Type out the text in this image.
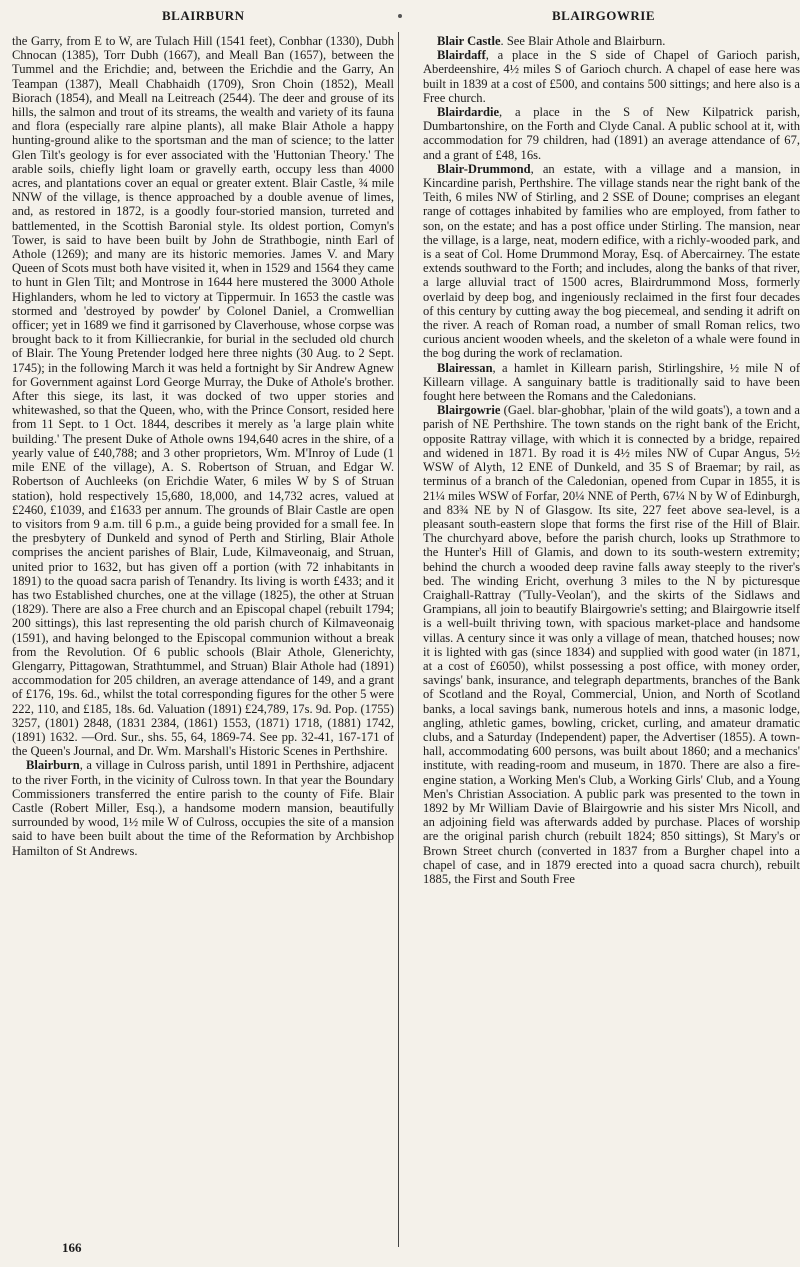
BLAIRBURN	BLAIRGOWRIE

the Garry, from E to W, are Tulach Hill (1541 feet), Conbhar (1330), Dubh Chnocan (1385), Torr Dubh (1667), and Meall Ban (1657), between the Tummel and the Erichdie; and, between the Erichdie and the Garry, An Teampan (1387), Meall Chabhaidh (1709), Sron Choin (1852), Meall Biorach (1854), and Meall na Leitreach (2544). The deer and grouse of its hills, the salmon and trout of its streams, the wealth and variety of its fauna and flora (especially rare alpine plants), all make Blair Athole a happy hunting-ground alike to the sportsman and the man of science; to the latter Glen Tilt's geology is for ever associated with the 'Huttonian Theory.' The arable soils, chiefly light loam or gravelly earth, occupy less than 4000 acres, and plantations cover an equal or greater extent. Blair Castle, ¾ mile NNW of the village, is thence approached by a double avenue of limes, and, as restored in 1872, is a goodly four-storied mansion, turreted and battlemented, in the Scottish Baronial style. Its oldest portion, Comyn's Tower, is said to have been built by John de Strathbogie, ninth Earl of Athole (1269); and many are its historic memories. James V. and Mary Queen of Scots must both have visited it, when in 1529 and 1564 they came to hunt in Glen Tilt; and Montrose in 1644 here mustered the 3000 Athole Highlanders, whom he led to victory at Tippermuir. In 1653 the castle was stormed and 'destroyed by powder' by Colonel Daniel, a Cromwellian officer; yet in 1689 we find it garrisoned by Claverhouse, whose corpse was brought back to it from Killiecrankie, for burial in the secluded old church of Blair. The Young Pretender lodged here three nights (30 Aug. to 2 Sept. 1745); in the following March it was held a fortnight by Sir Andrew Agnew for Government against Lord George Murray, the Duke of Athole's brother. After this siege, its last, it was docked of two upper stories and whitewashed, so that the Queen, who, with the Prince Consort, resided here from 11 Sept. to 1 Oct. 1844, describes it merely as 'a large plain white building.' The present Duke of Athole owns 194,640 acres in the shire, of a yearly value of £40,788; and 3 other proprietors, Wm. M'Inroy of Lude (1 mile ENE of the village), A. S. Robertson of Struan, and Edgar W. Robertson of Auchleeks (on Erichdie Water, 6 miles W by S of Struan station), hold respectively 15,680, 18,000, and 14,732 acres, valued at £2460, £1039, and £1633 per annum. The grounds of Blair Castle are open to visitors from 9 a.m. till 6 p.m., a guide being provided for a small fee. In the presbytery of Dunkeld and synod of Perth and Stirling, Blair Athole comprises the ancient parishes of Blair, Lude, Kilmaveonaig, and Struan, united prior to 1632, but has given off a portion (with 72 inhabitants in 1891) to the quoad sacra parish of Tenandry. Its living is worth £433; and it has two Established churches, one at the village (1825), the other at Struan (1829). There are also a Free church and an Episcopal chapel (rebuilt 1794; 200 sittings), this last representing the old parish church of Kilmaveonaig (1591), and having belonged to the Episcopal communion without a break from the Revolution. Of 6 public schools (Blair Athole, Glenerichty, Glengarry, Pittagowan, Strathtummel, and Struan) Blair Athole had (1891) accommodation for 205 children, an average attendance of 149, and a grant of £176, 19s. 6d., whilst the total corresponding figures for the other 5 were 222, 110, and £185, 18s. 6d. Valuation (1891) £24,789, 17s. 9d. Pop. (1755) 3257, (1801) 2848, (1831 2384, (1861) 1553, (1871) 1718, (1881) 1742, (1891) 1632. —Ord. Sur., shs. 55, 64, 1869-74. See pp. 32-41, 167-171 of the Queen's Journal, and Dr. Wm. Marshall's Historic Scenes in Perthshire.

Blairburn, a village in Culross parish, until 1891 in Perthshire, adjacent to the river Forth, in the vicinity of Culross town. In that year the Boundary Commissioners transferred the entire parish to the county of Fife. Blair Castle (Robert Miller, Esq.), a handsome modern mansion, beautifully surrounded by wood, 1½ mile W of Culross, occupies the site of a mansion said to have been built about the time of the Reformation by Archbishop Hamilton of St Andrews.

Blair Castle. See Blair Athole and Blairburn.

Blairdaff, a place in the S side of Chapel of Garioch parish, Aberdeenshire, 4½ miles S of Garioch church. A chapel of ease here was built in 1839 at a cost of £500, and contains 500 sittings; and here also is a Free church.

Blairdardie, a place in the S of New Kilpatrick parish, Dumbartonshire, on the Forth and Clyde Canal. A public school at it, with accommodation for 79 children, had (1891) an average attendance of 67, and a grant of £48, 16s.

Blair-Drummond, an estate, with a village and a mansion, in Kincardine parish, Perthshire. The village stands near the right bank of the Teith, 6 miles NW of Stirling, and 2 SSE of Doune; comprises an elegant range of cottages inhabited by families who are employed, from father to son, on the estate; and has a post office under Stirling. The mansion, near the village, is a large, neat, modern edifice, with a richly-wooded park, and is a seat of Col. Home Drummond Moray, Esq. of Abercairney. The estate extends southward to the Forth; and includes, along the banks of that river, a large alluvial tract of 1500 acres, Blairdrummond Moss, formerly overlaid by deep bog, and ingeniously reclaimed in the first four decades of this century by cutting away the bog piecemeal, and sending it adrift on the river. A reach of Roman road, a number of small Roman relics, two curious ancient wooden wheels, and the skeleton of a whale were found in the bog during the work of reclamation.

Blairessan, a hamlet in Killearn parish, Stirlingshire, ½ mile N of Killearn village. A sanguinary battle is traditionally said to have been fought here between the Romans and the Caledonians.

Blairgowrie (Gael. blar-ghobhar, 'plain of the wild goats'), a town and a parish of NE Perthshire. The town stands on the right bank of the Ericht, opposite Rattray village, with which it is connected by a bridge, repaired and widened in 1871. By road it is 4½ miles NW of Cupar Angus, 5½ WSW of Alyth, 12 ENE of Dunkeld, and 35 S of Braemar; by rail, as terminus of a branch of the Caledonian, opened from Cupar in 1855, it is 21¼ miles WSW of Forfar, 20¼ NNE of Perth, 67¼ N by W of Edinburgh, and 83¾ NE by N of Glasgow. Its site, 227 feet above sea-level, is a pleasant south-eastern slope that forms the first rise of the Hill of Blair. The churchyard above, before the parish church, looks up Strathmore to the Hunter's Hill of Glamis, and down to its south-western extremity; behind the church a wooded deep ravine falls away steeply to the river's bed. The winding Ericht, overhung 3 miles to the N by picturesque Craighall-Rattray ('Tully-Veolan'), and the skirts of the Sidlaws and Grampians, all join to beautify Blairgowrie's setting; and Blairgowrie itself is a well-built thriving town, with spacious market-place and handsome villas. A century since it was only a village of mean, thatched houses; now it is lighted with gas (since 1834) and supplied with good water (in 1871, at a cost of £6050), whilst possessing a post office, with money order, savings' bank, insurance, and telegraph departments, branches of the Bank of Scotland and the Royal, Commercial, Union, and North of Scotland banks, a local savings bank, numerous hotels and inns, a masonic lodge, angling, athletic games, bowling, cricket, curling, and amateur dramatic clubs, and a Saturday (Independent) paper, the Advertiser (1855). A town-hall, accommodating 600 persons, was built about 1860; and a mechanics' institute, with reading-room and museum, in 1870. There are also a fire-engine station, a Working Men's Club, a Working Girls' Club, and a Young Men's Christian Association. A public park was presented to the town in 1892 by Mr William Davie of Blairgowrie and his sister Mrs Nicoll, and an adjoining field was afterwards added by purchase. Places of worship are the original parish church (rebuilt 1824; 850 sittings), St Mary's or Brown Street church (converted in 1837 from a Burgher chapel into a chapel of case, and in 1879 erected into a quoad sacra church), rebuilt 1885, the First and South Free

166
